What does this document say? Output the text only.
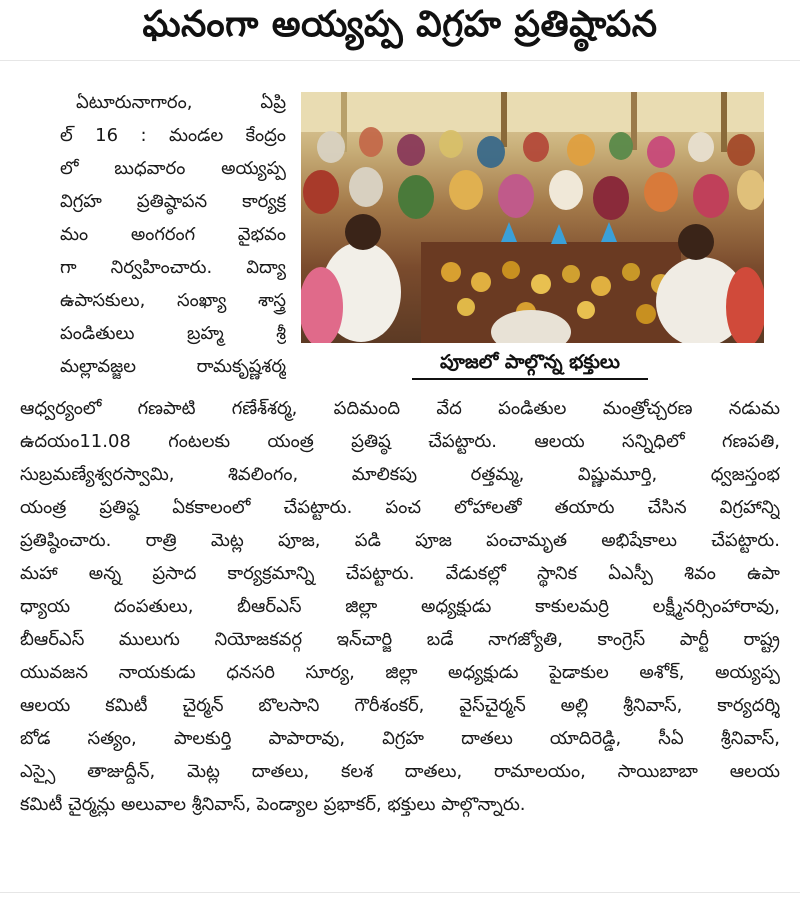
ఘనంగా అయ్యప్ప విగ్రహ ప్రతిష్ఠాపన
పూజలో పాల్గొన్న భక్తులు
ఏటూరునాగారం, ఏప్రి
ల్ 16 : మండల కేంద్రం
లో బుధవారం అయ్యప్ప
విగ్రహ ప్రతిష్ఠాపన కార్యక్ర
మం అంగరంగ వైభవం
గా నిర్వహించారు. విద్యా
ఉపాసకులు, సంఖ్యా శాస్త్ర
పండితులు బ్రహ్మ శ్రీ
మల్లావజ్జల రామకృష్ణశర్మ
ఆధ్వర్యంలో గణపాటి గణేశ్‌శర్మ, పదిమంది వేద పండితుల మంత్రోచ్చరణ నడుమ
ఉదయం11.08 గంటలకు యంత్ర ప్రతిష్ఠ చేపట్టారు. ఆలయ సన్నిధిలో గణపతి,
సుబ్రమణ్యేశ్వరస్వామి, శివలింగం, మాలికపు రత్తమ్మ, విష్ణుమూర్తి, ధ్వజస్తంభ
యంత్ర ప్రతిష్ఠ ఏకకాలంలో చేపట్టారు. పంచ లోహాలతో తయారు చేసిన విగ్రహాన్ని
ప్రతిష్ఠించారు. రాత్రి మెట్ల పూజ, పడి పూజ పంచామృత అభిషేకాలు చేపట్టారు.
మహా అన్న ప్రసాద కార్యక్రమాన్ని చేపట్టారు. వేడుకల్లో స్థానిక ఏఎస్పీ శివం ఉపా
ధ్యాయ దంపతులు, బీఆర్‌ఎస్ జిల్లా అధ్యక్షుడు కాకులమర్రి లక్ష్మీనర్సింహారావు,
బీఆర్‌ఎస్ ములుగు నియోజకవర్గ ఇన్‌చార్జి బడే నాగజ్యోతి, కాంగ్రెస్ పార్టీ రాష్ట్ర
యువజన నాయకుడు ధనసరి సూర్య, జిల్లా అధ్యక్షుడు పైడాకుల అశోక్, అయ్యప్ప
ఆలయ కమిటీ చైర్మన్ బొలసాని గౌరీశంకర్, వైస్‌చైర్మన్ అల్లి శ్రీనివాస్, కార్యదర్శి
బోడ సత్యం, పాలకుర్తి పాపారావు, విగ్రహ దాతలు యాదిరెడ్డి, సీఏ శ్రీనివాస్,
ఎస్సై తాజుద్దీన్, మెట్ల దాతలు, కలశ దాతలు, రామాలయం, సాయిబాబా ఆలయ
కమిటీ చైర్మన్లు అలువాల శ్రీనివాస్, పెండ్యాల ప్రభాకర్, భక్తులు పాల్గొన్నారు.
